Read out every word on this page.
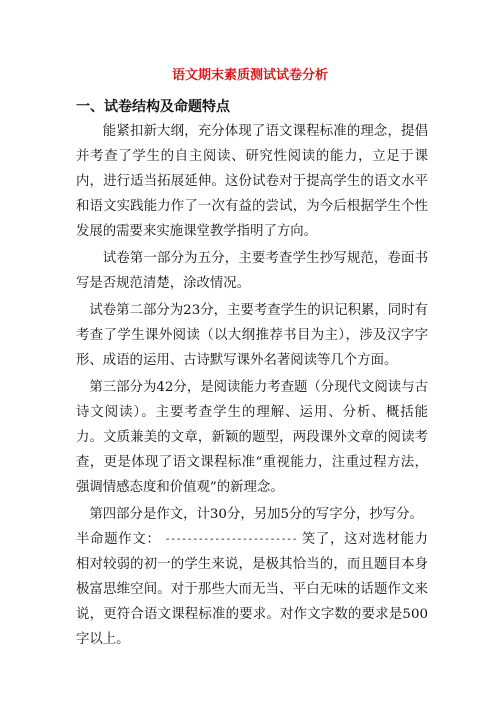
语文期末素质测试试卷分析
一、试卷结构及命题特点

能紧扣新大纲，充分体现了语文课程标准的理念，提倡并考查了学生的自主阅读、研究性阅读的能力，立足于课内，进行适当拓展延伸。这份试卷对于提高学生的语文水平和语文实践能力作了一次有益的尝试，为今后根据学生个性发展的需要来实施课堂教学指明了方向。

试卷第一部分为五分，主要考查学生抄写规范，卷面书写是否规范清楚，涂改情况。

试卷第二部分为23分，主要考查学生的识记积累，同时有考查了学生课外阅读（以大纲推荐书目为主），涉及汉字字形、成语的运用、古诗默写课外名著阅读等几个方面。

第三部分为42分，是阅读能力考查题（分现代文阅读与古诗文阅读）。主要考查学生的理解、运用、分析、概括能力。文质兼美的文章，新颖的题型，两段课外文章的阅读考查，更是体现了语文课程标准“重视能力，注重过程方法，强调情感态度和价值观”的新理念。

第四部分是作文，计30分，另加5分的写字分，抄写分。

半命题作文： ------------------------ 笑了，这对选材能力相对较弱的初一的学生来说，是极其恰当的，而且题目本身极富思维空间。对于那些大而无当、平白无味的话题作文来说，更符合语文课程标准的要求。对作文字数的要求是500字以上。
